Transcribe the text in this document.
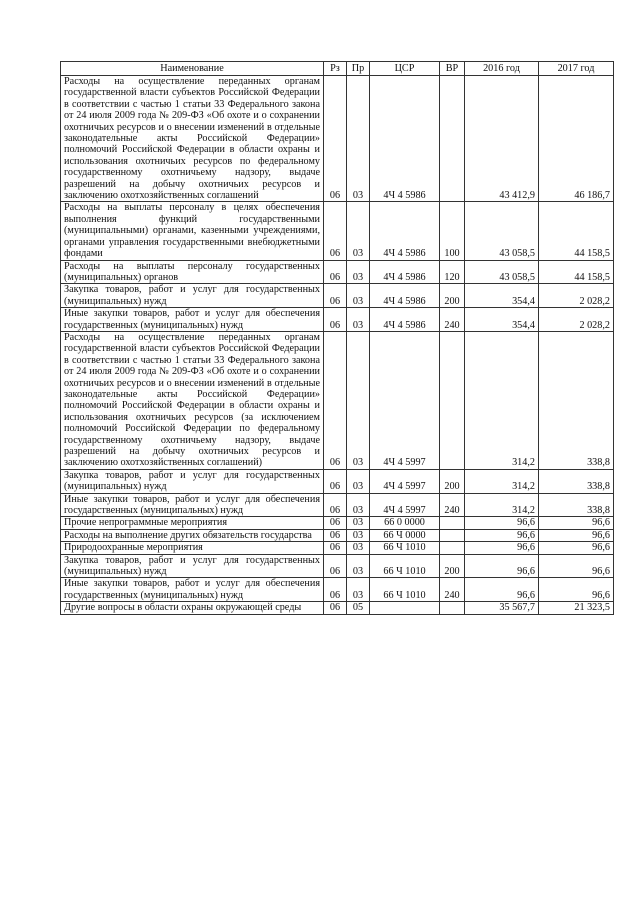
Наименование	Рз	Пр	ЦСР	ВР	2016 год	2017 год
Расходы на осуществление переданных органам государственной власти субъектов Российской Федерации в соответствии с частью 1 статьи 33 Федерального закона от 24 июля 2009 года № 209-ФЗ «Об охоте и о сохранении охотничьих ресурсов и о внесении изменений в отдельные законодательные акты Российской Федерации» полномочий Российской Федерации в области охраны и использования охотничьих ресурсов по федеральному государственному охотничьему надзору, выдаче разрешений на добычу охотничьих ресурсов и заключению охотхозяйственных соглашений	06	03	4Ч 4 5986		43 412,9	46 186,7
Расходы на выплаты персоналу в целях обеспечения выполнения функций государственными (муниципальными) органами, казенными учреждениями, органами управления государственными внебюджетными фондами	06	03	4Ч 4 5986	100	43 058,5	44 158,5
Расходы на выплаты персоналу государственных (муниципальных) органов	06	03	4Ч 4 5986	120	43 058,5	44 158,5
Закупка товаров, работ и услуг для государственных (муниципальных) нужд	06	03	4Ч 4 5986	200	354,4	2 028,2
Иные закупки товаров, работ и услуг для обеспечения государственных (муниципальных) нужд	06	03	4Ч 4 5986	240	354,4	2 028,2
Расходы на осуществление переданных органам государственной власти субъектов Российской Федерации в соответствии с частью 1 статьи 33 Федерального закона от 24 июля 2009 года № 209-ФЗ «Об охоте и о сохранении охотничьих ресурсов и о внесении изменений в отдельные законодательные акты Российской Федерации» полномочий Российской Федерации в области охраны и использования охотничьих ресурсов (за исключением полномочий Российской Федерации по федеральному государственному охотничьему надзору, выдаче разрешений на добычу охотничьих ресурсов и заключению охотхозяйственных соглашений)	06	03	4Ч 4 5997		314,2	338,8
Закупка товаров, работ и услуг для государственных (муниципальных) нужд	06	03	4Ч 4 5997	200	314,2	338,8
Иные закупки товаров, работ и услуг для обеспечения государственных (муниципальных) нужд	06	03	4Ч 4 5997	240	314,2	338,8
Прочие непрограммные мероприятия	06	03	66 0 0000		96,6	96,6
Расходы на выполнение других обязательств государства	06	03	66 Ч 0000		96,6	96,6
Природоохранные мероприятия	06	03	66 Ч 1010		96,6	96,6
Закупка товаров, работ и услуг для государственных (муниципальных) нужд	06	03	66 Ч 1010	200	96,6	96,6
Иные закупки товаров, работ и услуг для обеспечения государственных (муниципальных) нужд	06	03	66 Ч 1010	240	96,6	96,6
Другие вопросы в области охраны окружающей среды	06	05			35 567,7	21 323,5
